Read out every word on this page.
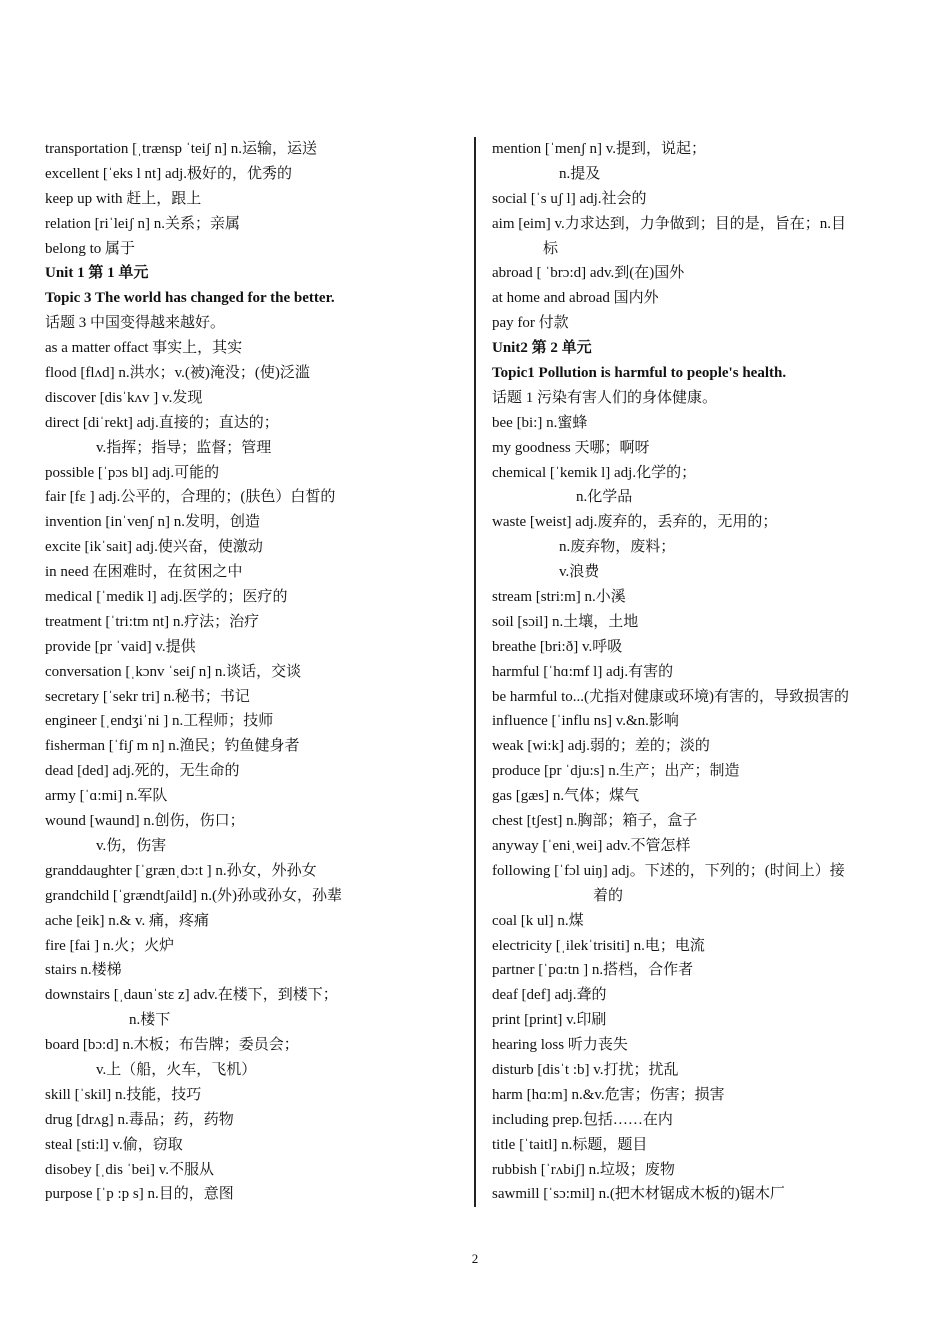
transportation [ˌtrænsp ˈteiʃ n] n.运输，运送
excellent [ˈeks l nt] adj.极好的，优秀的
keep up with 赶上，跟上
relation [riˈleiʃ n] n.关系；亲属
belong to 属于
Unit 1 第 1 单元
Topic 3 The world has changed for the better.
话题 3 中国变得越来越好。
as a matter offact 事实上，其实
flood [flʌd] n.洪水；v.(被)淹没；(使)泛滥
discover [disˈkʌv ] v.发现
direct [diˈrekt] adj.直接的；直达的；
v.指挥；指导；监督；管理
possible [ˈpɔs bl] adj.可能的
fair [fɛ ] adj.公平的，合理的；(肤色）白皙的
invention [inˈvenʃ n] n.发明，创造
excite [ikˈsait] adj.使兴奋，使激动
in need 在困难时，在贫困之中
medical [ˈmedik l] adj.医学的；医疗的
treatment [ˈtri:tm nt] n.疗法；治疗
provide [pr ˈvaid] v.提供
conversation [ˌkɔnv ˈseiʃ n] n.谈话，交谈
secretary [ˈsekr tri] n.秘书；书记
engineer [ˌendʒiˈni ] n.工程师；技师
fisherman [ˈfiʃ m n] n.渔民；钓鱼健身者
dead [ded] adj.死的，无生命的
army [ˈɑ:mi] n.军队
wound [waund] n.创伤，伤口；
v.伤，伤害
granddaughter [ˈgrænˌdɔ:t ] n.孙女，外孙女
grandchild [ˈgrændtʃaild] n.(外)孙或孙女，孙辈
ache [eik] n.& v. 痛，疼痛
fire [fai ] n.火；火炉
stairs n.楼梯
downstairs [ˌdaunˈstɛ z] adv.在楼下，到楼下；
n.楼下
board [bɔ:d] n.木板；布告牌；委员会；
v.上（船，火车，飞机）
skill [ˈskil] n.技能，技巧
drug [drʌg] n.毒品；药，药物
steal [sti:l] v.偷，窃取
disobey [ˌdis ˈbei] v.不服从
purpose [ˈp :p s] n.目的，意图
mention [ˈmenʃ n] v.提到，说起；
n.提及
social [ˈs uʃ l] adj.社会的
aim [eim] v.力求达到，力争做到；目的是，旨在；n.目
标
abroad [ ˈbrɔ:d] adv.到(在)国外
at home and abroad 国内外
pay for 付款
Unit2 第 2 单元
Topic1 Pollution is harmful to people's health.
话题 1 污染有害人们的身体健康。
bee [bi:] n.蜜蜂
my goodness 天哪；啊呀
chemical [ˈkemik l] adj.化学的；
n.化学品
waste [weist] adj.废弃的，丢弃的，无用的；
n.废弃物，废料；
v.浪费
stream [stri:m] n.小溪
soil [sɔil] n.土壤，土地
breathe [bri:ð] v.呼吸
harmful [ˈhɑ:mf l] adj.有害的
be harmful to...(尤指对健康或环境)有害的，导致损害的
influence [ˈinflu ns] v.&n.影响
weak [wi:k] adj.弱的；差的；淡的
produce [pr ˈdju:s] n.生产；出产；制造
gas [gæs] n.气体；煤气
chest [tʃest] n.胸部；箱子，盒子
anyway [ˈeniˌwei] adv.不管怎样
following [ˈfɔl uiŋ] adj。下述的，下列的；(时间上）接
着的
coal [k ul] n.煤
electricity [ˌilekˈtrisiti] n.电；电流
partner [ˈpɑ:tn ] n.搭档，合作者
deaf [def] adj.聋的
print [print] v.印刷
hearing loss 听力丧失
disturb [disˈt :b] v.打扰；扰乱
harm [hɑ:m] n.&v.危害；伤害；损害
including prep.包括……在内
title [ˈtaitl] n.标题，题目
rubbish [ˈrʌbiʃ] n.垃圾；废物
sawmill [ˈsɔ:mil] n.(把木材锯成木板的)锯木厂
2
